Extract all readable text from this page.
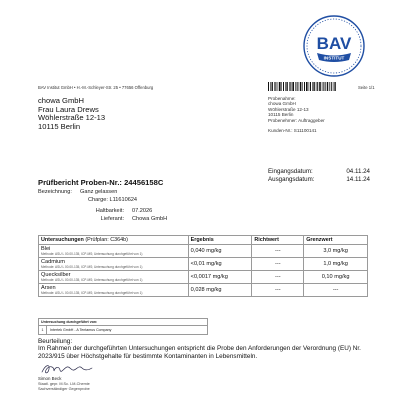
BAV
INSTITUT
BAV Institut GmbH • H.-M.-Schleyer-Str. 25 • 77656 Offenburg	Seite 1/1
chowa GmbH
Frau Laura Drews
Wöhlerstraße 12-13
10115 Berlin
Probenahme:
chowa GmbH
Wöhlerstraße 12-13
10115 Berlin
Probenehmer: Auftraggeber
Kunden-Nr.: S11100141
Eingangsdatum:	04.11.24
Ausgangsdatum:	14.11.24
Prüfbericht Proben-Nr.: 24456158C
Bezeichnung: Ganz gelassen
Charge: L11610624
Haltbarkeit:	07.2026
Lieferant:	Chowa GmbH
Untersuchungen (Prüfplan: C364b)	Ergebnis	Richtwert	Grenzwert

Blei
Methode: ASU L 00.00-135, ICP-MS; Untersuchung durchgeführt von 1)	0,040 mg/kg	---	3,0 mg/kg

Cadmium
Methode: ASU L 00.00-135, ICP-MS; Untersuchung durchgeführt von 1)	<0,01 mg/kg	---	1,0 mg/kg

Quecksilber
Methode: ASU L 00.00-135, ICP-MS; Untersuchung durchgeführt von 1)	<0,0017 mg/kg	---	0,10 mg/kg

Arsen
Methode: ASU L 00.00-135, ICP-MS; Untersuchung durchgeführt von 1)	0,028 mg/kg	---	---
Untersuchung durchgeführt von:
1	Intertek GmbH - A Tentamus Company
Beurteilung:
Im Rahmen der durchgeführten Untersuchungen entspricht die Probe den Anforderungen der Verordnung (EU) Nr. 2023/915 über Höchstgehalte für bestimmte Kontaminanten in Lebensmitteln.
Simon Beck
Staatl. gepr. M.Sc. LM-Chemie
Sachverständiger Gegenprobe
